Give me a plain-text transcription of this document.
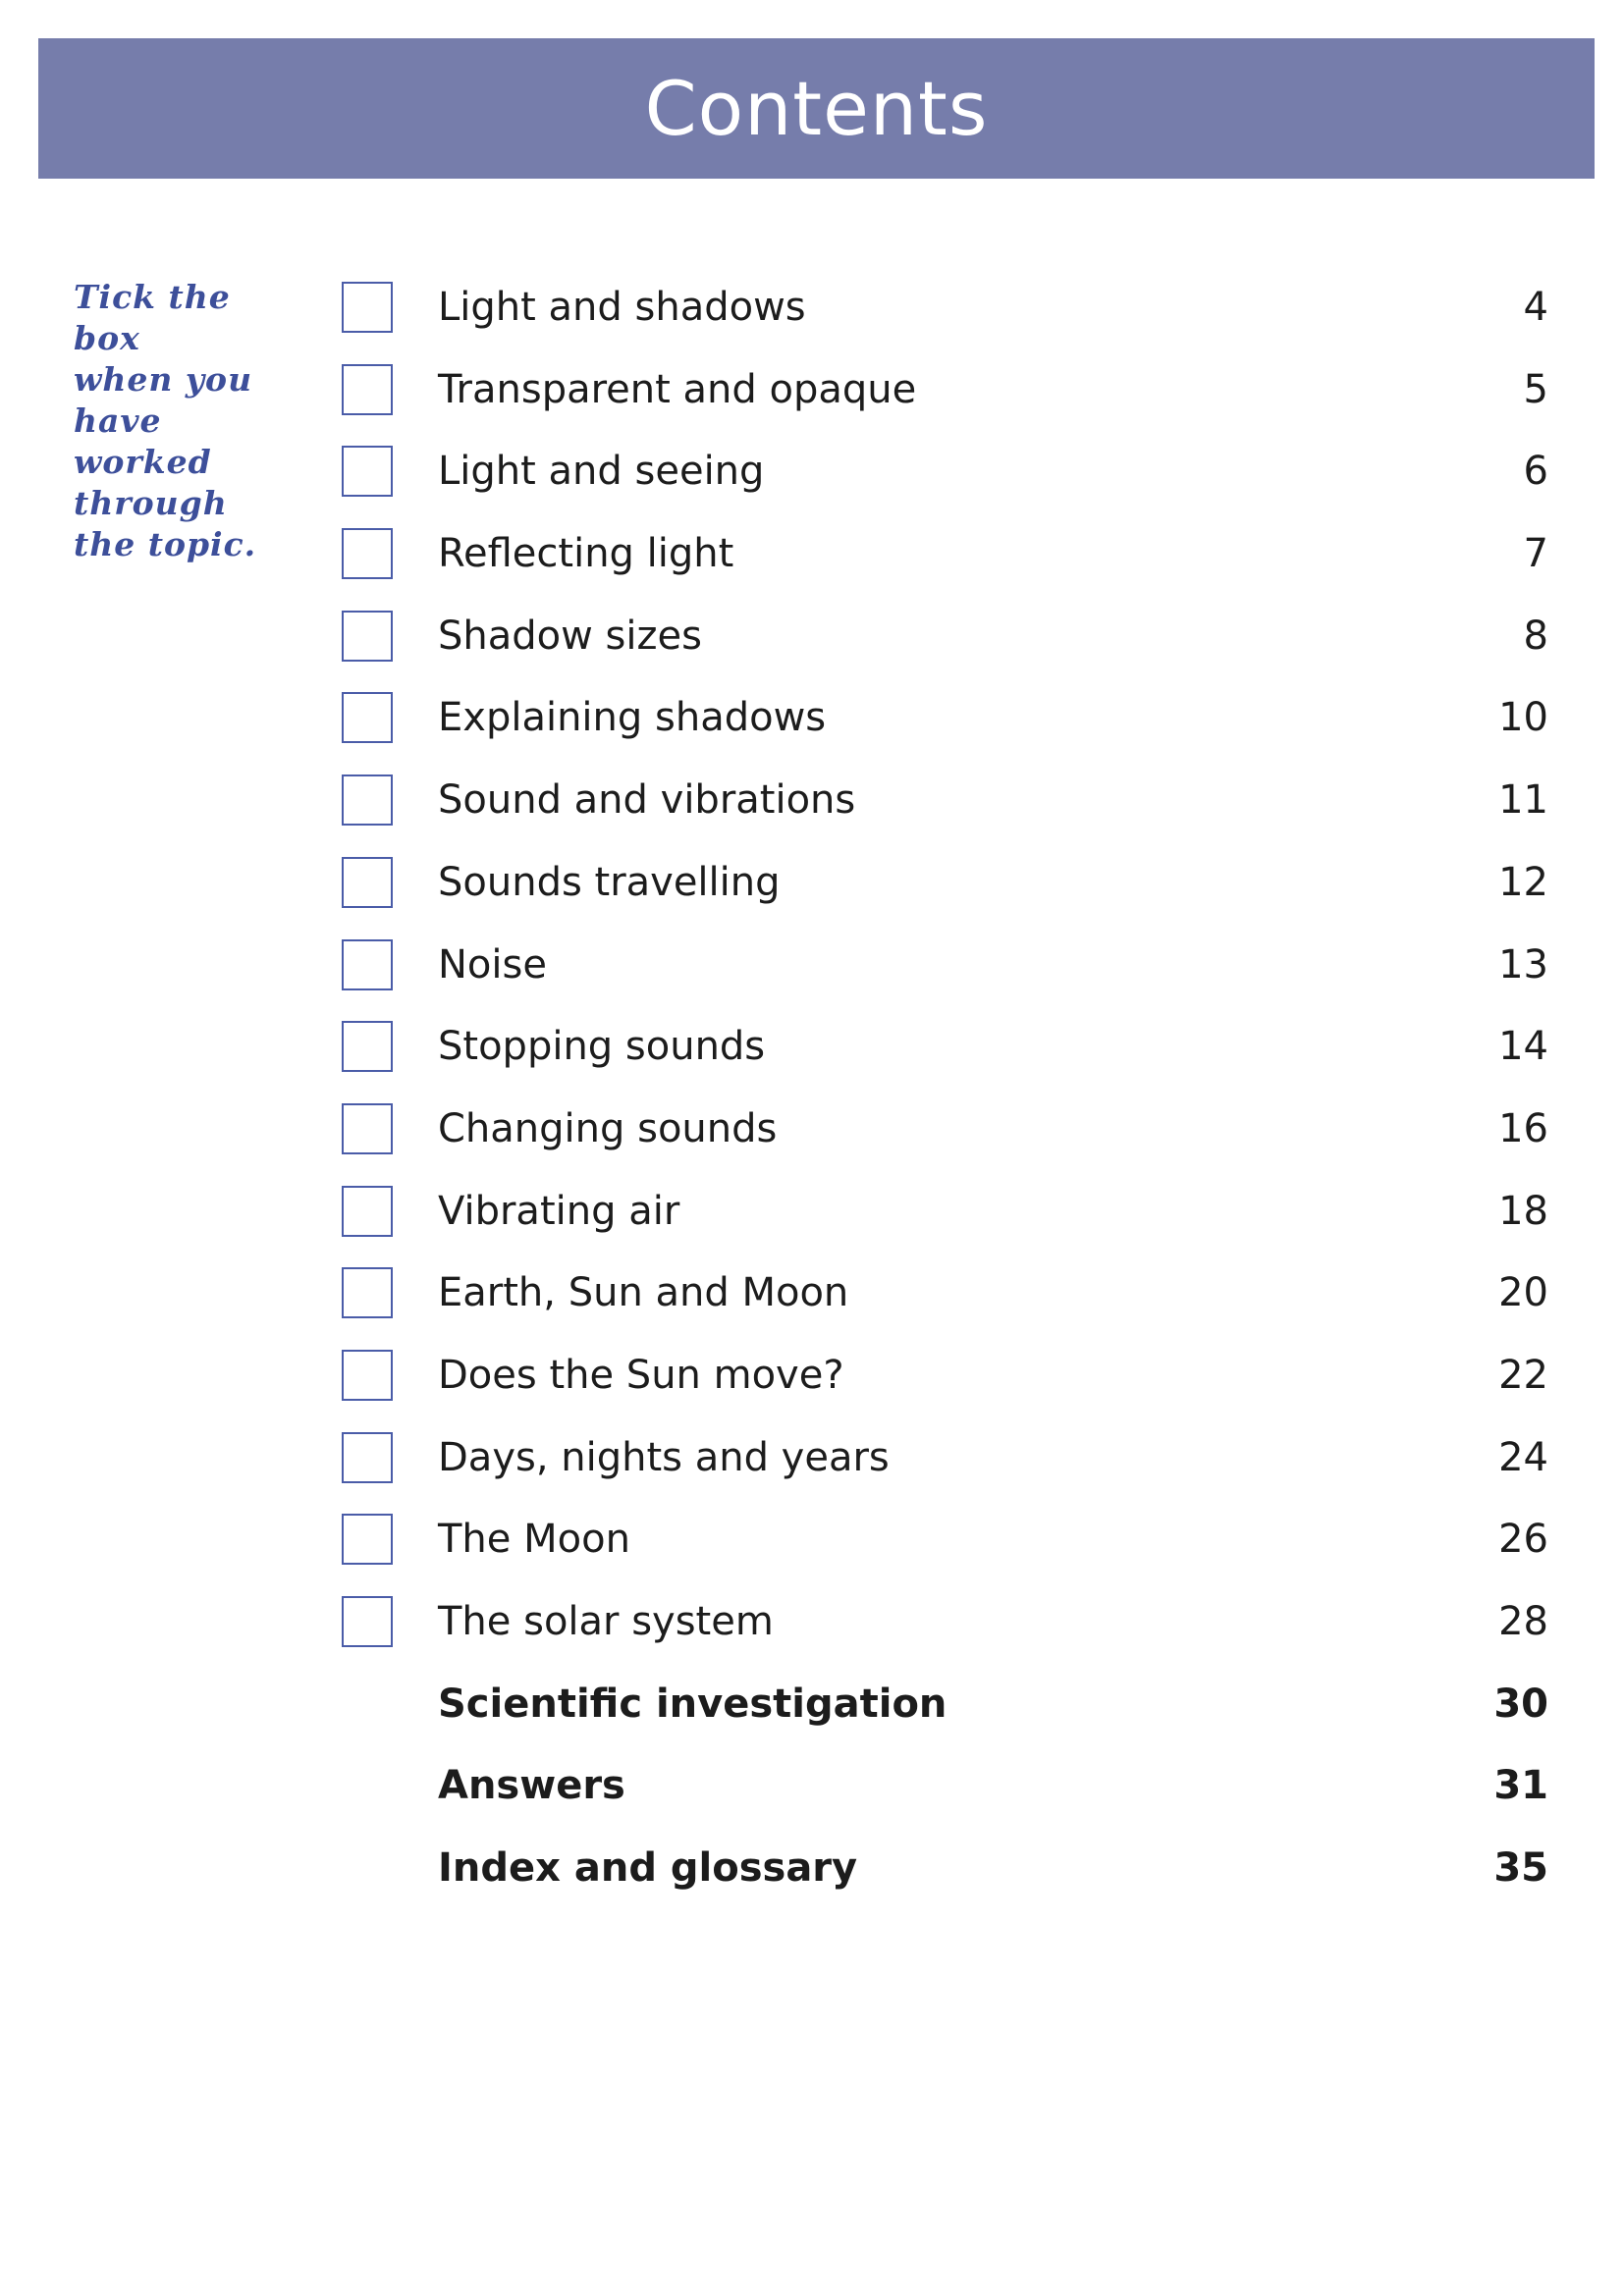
Contents
Tick the box
when you
have worked
through
the topic.
Light and shadows	4
Transparent and opaque	5
Light and seeing	6
Reflecting light	7
Shadow sizes	8
Explaining shadows	10
Sound and vibrations	11
Sounds travelling	12
Noise	13
Stopping sounds	14
Changing sounds	16
Vibrating air	18
Earth, Sun and Moon	20
Does the Sun move?	22
Days, nights and years	24
The Moon	26
The solar system	28
Scientific investigation	30
Answers	31
Index and glossary	35
